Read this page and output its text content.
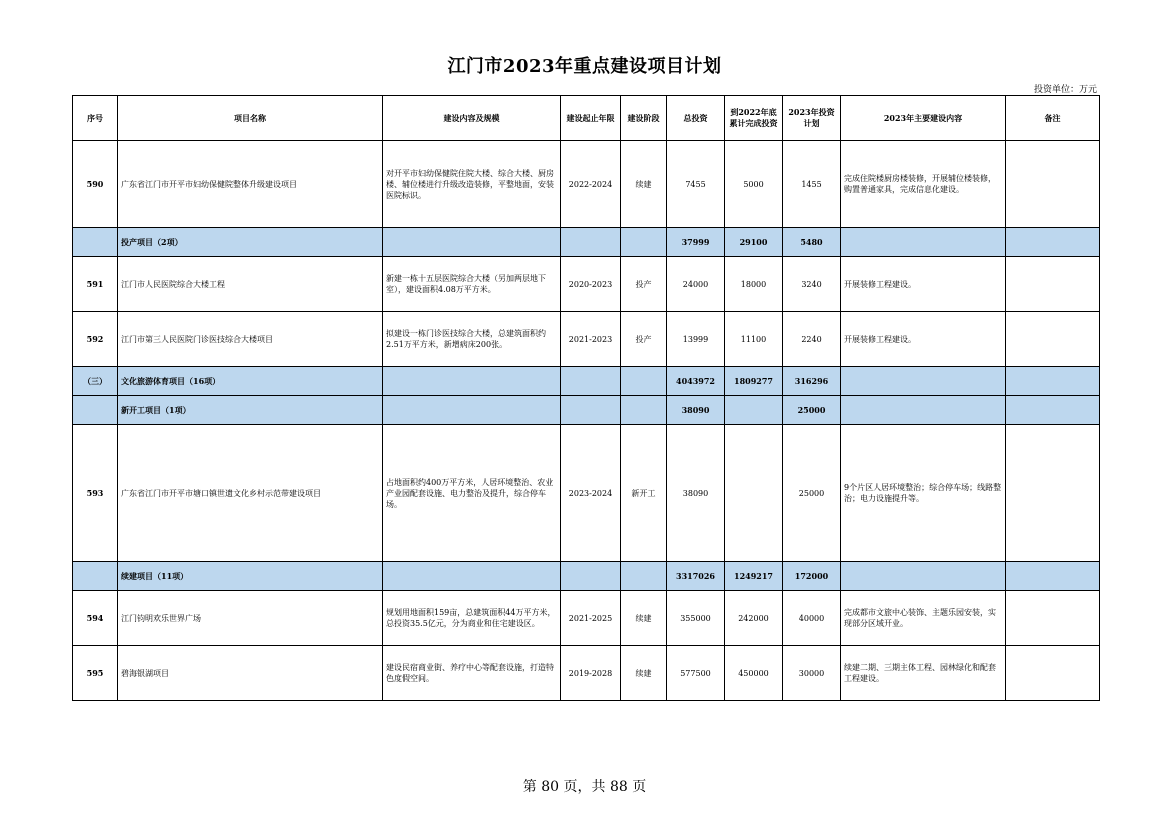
江门市2023年重点建设项目计划
投资单位：万元
序号	项目名称	建设内容及规模	建设起止年限	建设阶段	总投资	到2022年底累计完成投资	2023年投资计划	2023年主要建设内容	备注
590	广东省江门市开平市妇幼保健院整体升级建设项目	对开平市妇幼保健院住院大楼、综合大楼、厨房楼、辅位楼进行升级改造装修，平整地面，安装医院标识。	2022-2024	续建	7455	5000	1455	完成住院楼厨房楼装修，开展辅位楼装修，购置普通家具，完成信息化建设。	
	投产项目（2项）				37999	29100	5480		
591	江门市人民医院综合大楼工程	新建一栋十五层医院综合大楼（另加两层地下室），建设面积4.08万平方米。	2020-2023	投产	24000	18000	3240	开展装修工程建设。	
592	江门市第三人民医院门诊医技综合大楼项目	拟建设一栋门诊医技综合大楼，总建筑面积约2.51万平方米，新增病床200张。	2021-2023	投产	13999	11100	2240	开展装修工程建设。	
（三）	文化旅游体育项目（16项）				4043972	1809277	316296		
	新开工项目（1项）				38090		25000		
593	广东省江门市开平市塘口镇世遗文化乡村示范带建设项目	占地面积约400万平方米，人居环境整治、农业产业园配套设施、电力整治及提升，综合停车场。	2023-2024	新开工	38090		25000	9个片区人居环境整治；综合停车场；线路整治；电力设施提升等。	
	续建项目（11项）				3317026	1249217	172000		
594	江门钧明欢乐世界广场	规划用地面积159亩，总建筑面积44万平方米，总投资35.5亿元，分为商业和住宅建设区。	2021-2025	续建	355000	242000	40000	完成都市文旅中心装饰、主题乐园安装，实现部分区域开业。	
595	碧海银湖项目	建设民宿商业街、养疗中心等配套设施，打造特色度假空间。	2019-2028	续建	577500	450000	30000	续建二期、三期主体工程、园林绿化和配套工程建设。	
第 80 页，共 88 页
